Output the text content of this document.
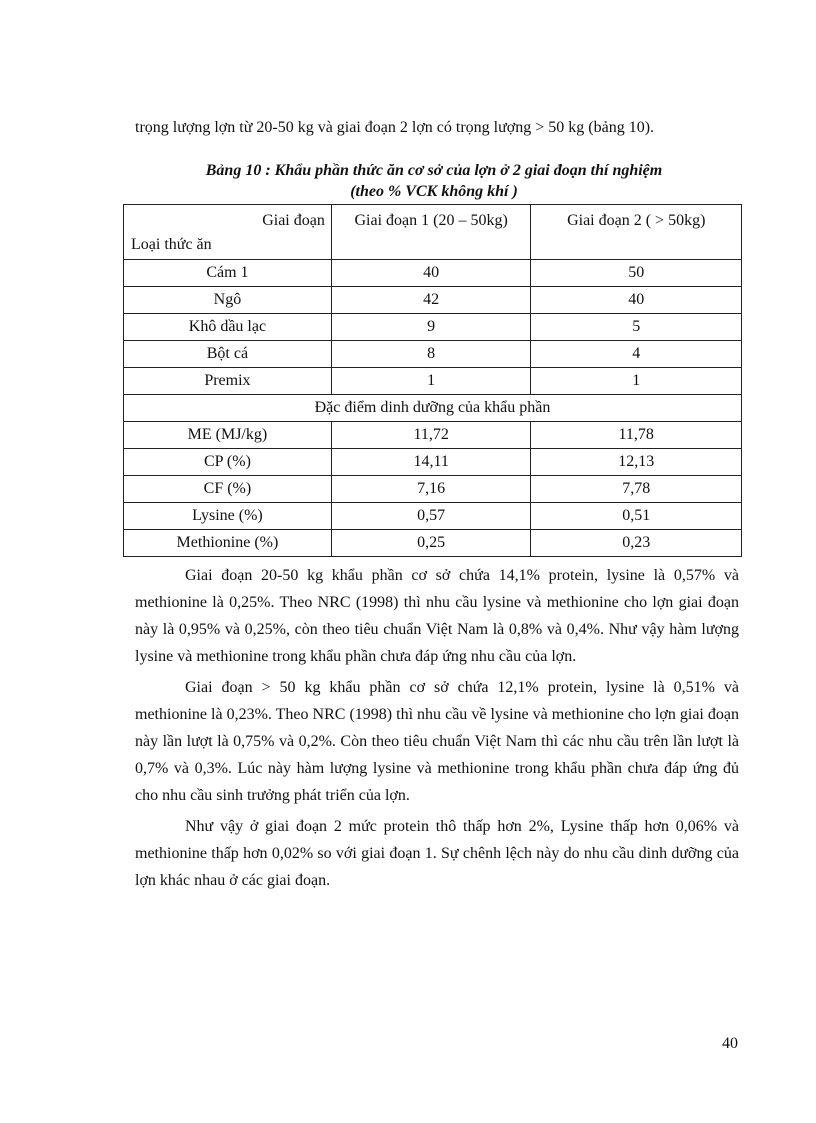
trọng lượng lợn từ 20-50 kg và giai đoạn 2 lợn có trọng lượng > 50 kg (bảng 10).

Bảng 10 : Khẩu phần thức ăn cơ sở của lợn ở 2 giai đoạn thí nghiệm
(theo % VCK không khí )
Giai đoạn
Loại thức ăn	Giai đoạn 1 (20 – 50kg)	Giai đoạn 2 ( > 50kg)
Cám 1	40	50
Ngô	42	40
Khô dầu lạc	9	5
Bột cá	8	4
Premix	1	1
Đặc điểm dinh dưỡng của khẩu phần		
ME (MJ/kg)	11,72	11,78
CP (%)	14,11	12,13
CF (%)	7,16	7,78
Lysine (%)	0,57	0,51
Methionine (%)	0,25	0,23

Giai đoạn 20-50 kg khẩu phần cơ sở chứa 14,1% protein, lysine là 0,57% và methionine là 0,25%. Theo NRC (1998) thì nhu cầu lysine và methionine cho lợn giai đoạn này là 0,95% và 0,25%, còn theo tiêu chuẩn Việt Nam là 0,8% và 0,4%. Như vậy hàm lượng lysine và methionine trong khẩu phần chưa đáp ứng nhu cầu của lợn.

Giai đoạn > 50 kg khẩu phần cơ sở chứa 12,1% protein, lysine là 0,51% và methionine là 0,23%. Theo NRC (1998) thì nhu cầu về lysine và methionine cho lợn giai đoạn này lần lượt là 0,75% và 0,2%. Còn theo tiêu chuẩn Việt Nam thì các nhu cầu trên lần lượt là 0,7% và 0,3%. Lúc này hàm lượng lysine và methionine trong khẩu phần chưa đáp ứng đủ cho nhu cầu sinh trưởng phát triển của lợn.

Như vậy ở giai đoạn 2 mức protein thô thấp hơn 2%, Lysine thấp hơn 0,06% và methionine thấp hơn 0,02% so với giai đoạn 1. Sự chênh lệch này do nhu cầu dinh dưỡng của lợn khác nhau ở các giai đoạn.

40
